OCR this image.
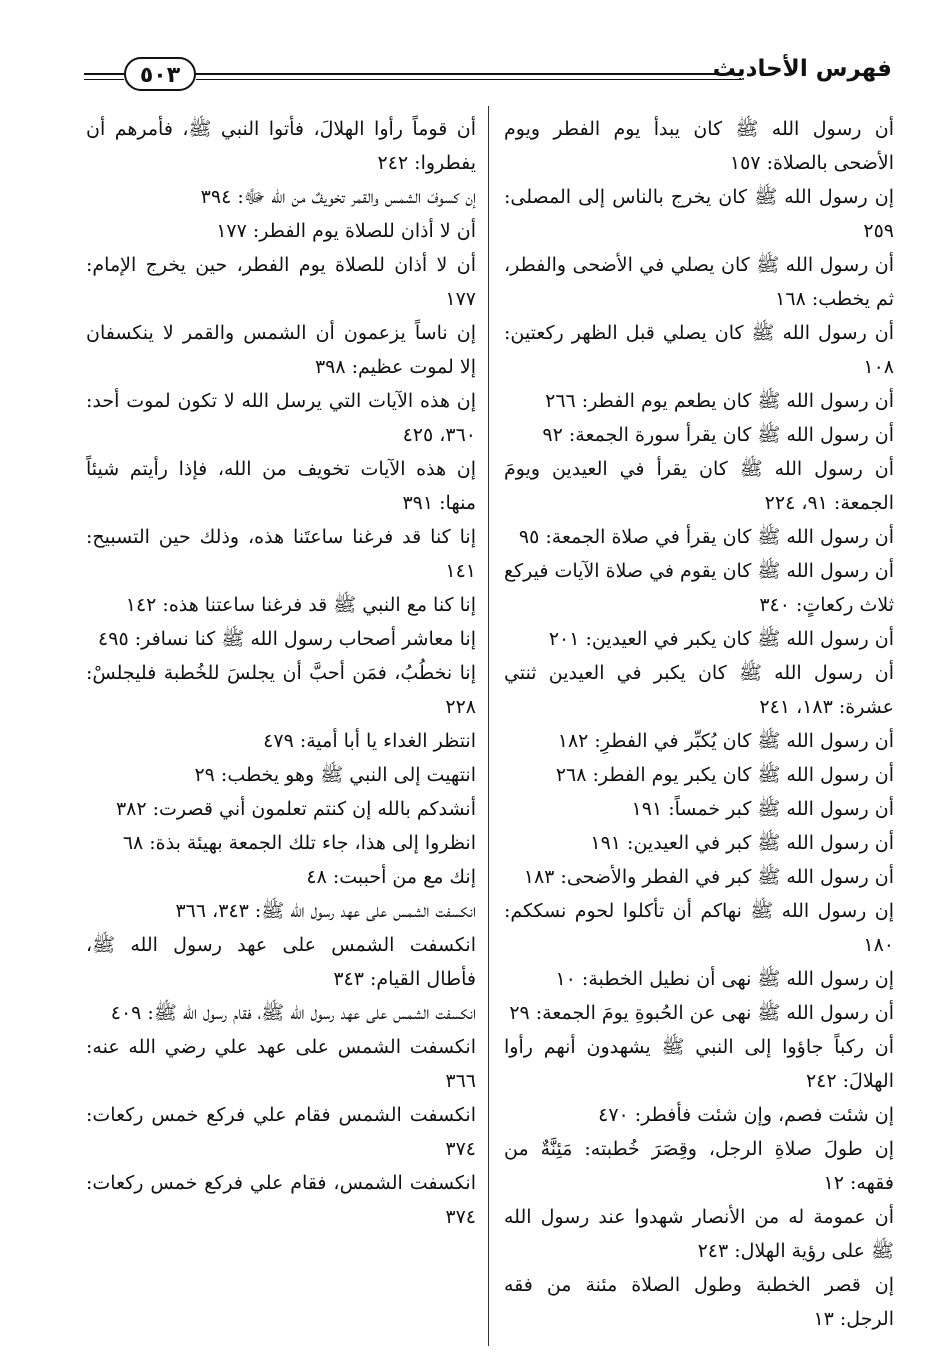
فهرس الأحاديث
٥٠٣

أن رسول الله ﷺ كان يبدأ يوم الفطر ويوم الأضحى بالصلاة: ١٥٧

إن رسول الله ﷺ كان يخرج بالناس إلى المصلى: ٢٥٩

أن رسول الله ﷺ كان يصلي في الأضحى والفطر، ثم يخطب: ١٦٨

أن رسول الله ﷺ كان يصلي قبل الظهر ركعتين: ١٠٨

أن رسول الله ﷺ كان يطعم يوم الفطر: ٢٦٦

أن رسول الله ﷺ كان يقرأ سورة الجمعة: ٩٢

أن رسول الله ﷺ كان يقرأ في العيدين ويومَ الجمعة: ٩١، ٢٢٤

أن رسول الله ﷺ كان يقرأ في صلاة الجمعة: ٩٥

أن رسول الله ﷺ كان يقوم في صلاة الآيات فيركع ثلاث ركعاتٍ: ٣٤٠

أن رسول الله ﷺ كان يكبر في العيدين: ٢٠١

أن رسول الله ﷺ كان يكبر في العيدين ثنتي عشرة: ١٨٣، ٢٤١

أن رسول الله ﷺ كان يُكبِّر في الفطرِ: ١٨٢

أن رسول الله ﷺ كان يكبر يوم الفطر: ٢٦٨

أن رسول الله ﷺ كبر خمساً: ١٩١

أن رسول الله ﷺ كبر في العيدين: ١٩١

أن رسول الله ﷺ كبر في الفطر والأضحى: ١٨٣

إن رسول الله ﷺ نهاكم أن تأكلوا لحوم نسككم: ١٨٠

إن رسول الله ﷺ نهى أن نطيل الخطبة: ١٠

أن رسول الله ﷺ نهى عن الحُبوةِ يومَ الجمعة: ٢٩

أن ركباً جاؤوا إلى النبي ﷺ يشهدون أنهم رأوا الهلالَ: ٢٤٢

إن شئت فصم، وإن شئت فأفطر: ٤٧٠

إن طولَ صلاةِ الرجل، وقِصَرَ خُطبته: مَئِنَّةٌ من فقهه: ١٢

أن عمومة له من الأنصار شهدوا عند رسول الله ﷺ على رؤية الهلال: ٢٤٣

إن قصر الخطبة وطول الصلاة مئنة من فقه الرجل: ١٣

أن قوماً رأوا الهلالَ، فأتوا النبي ﷺ، فأمرهم أن يفطروا: ٢٤٢

إن كسوفَ الشمس والقمر تخويفٌ من الله ﷻ: ٣٩٤

أن لا أذان للصلاة يوم الفطر: ١٧٧

أن لا أذان للصلاة يوم الفطر، حين يخرج الإمام: ١٧٧

إن ناساً يزعمون أن الشمس والقمر لا ينكسفان إلا لموت عظيم: ٣٩٨

إن هذه الآيات التي يرسل الله لا تكون لموت أحد: ٣٦٠، ٤٢٥

إن هذه الآيات تخويف من الله، فإذا رأيتم شيئاً منها: ٣٩١

إنا كنا قد فرغنا ساعتَنا هذه، وذلك حين التسبيح: ١٤١

إنا كنا مع النبي ﷺ قد فرغنا ساعتنا هذه: ١٤٢

إنا معاشر أصحاب رسول الله ﷺ كنا نسافر: ٤٩٥

إنا نخطُبُ، فمَن أحبَّ أن يجلسَ للخُطبة فليجلسْ: ٢٢٨

انتظر الغداء يا أبا أمية: ٤٧٩

انتهيت إلى النبي ﷺ وهو يخطب: ٢٩

أنشدكم بالله إن كنتم تعلمون أني قصرت: ٣٨٢

انظروا إلى هذا، جاء تلك الجمعة بهيئة بذة: ٦٨

إنك مع من أحببت: ٤٨

انكسفت الشمس على عهد رسول الله ﷺ: ٣٤٣، ٣٦٦

انكسفت الشمس على عهد رسول الله ﷺ، فأطال القيام: ٣٤٣

انكسفت الشمس على عهد رسول الله ﷺ، فقام رسول الله ﷺ: ٤٠٩

انكسفت الشمس على عهد علي رضي الله عنه: ٣٦٦

انكسفت الشمس فقام علي فركع خمس ركعات: ٣٧٤

انكسفت الشمس، فقام علي فركع خمس ركعات: ٣٧٤
